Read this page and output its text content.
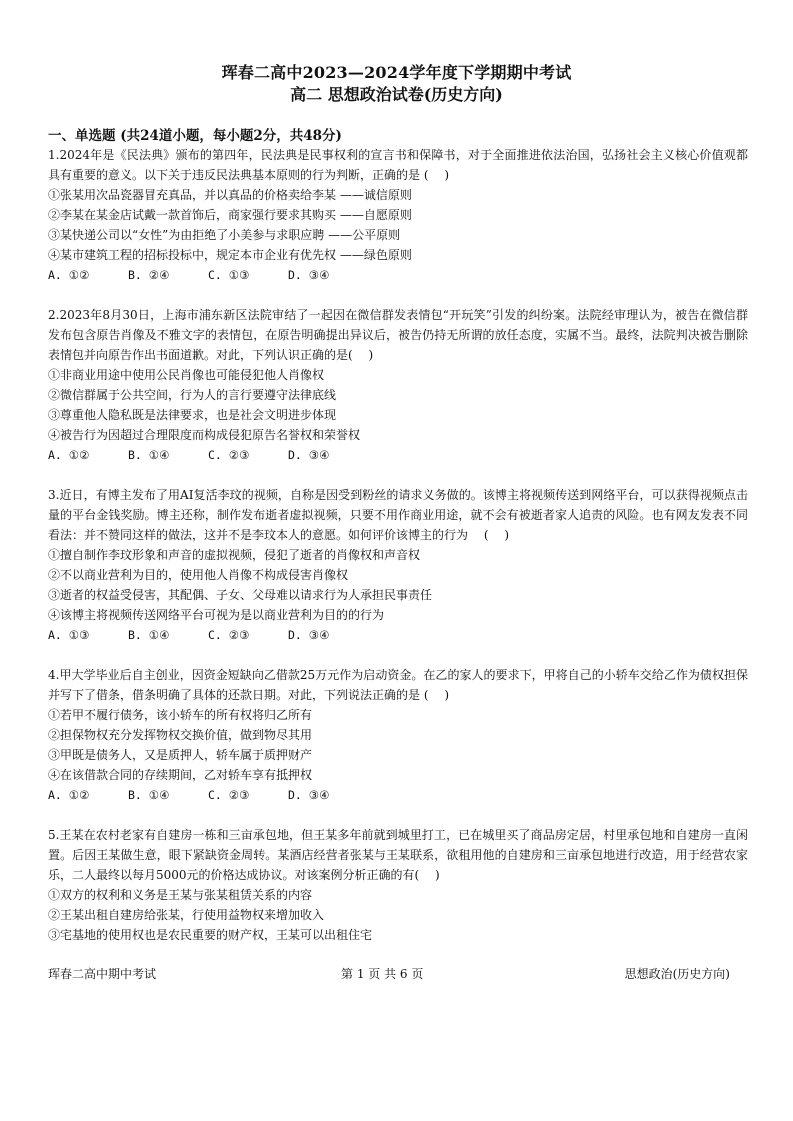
珲春二高中2023—2024学年度下学期期中考试
高二 思想政治试卷(历史方向)
一、单选题 (共24道小题，每小题2分，共48分)

1.2024年是《民法典》颁布的第四年，民法典是民事权利的宣言书和保障书，对于全面推进依法治国，弘扬社会主义核心价值观都具有重要的意义。以下关于违反民法典基本原则的行为判断，正确的是 (　 )

①张某用次品瓷器冒充真品，并以真品的价格卖给李某 ——诚信原则

②李某在某金店试戴一款首饰后，商家强行要求其购买 ——自愿原则

③某快递公司以“女性”为由拒绝了小美参与求职应聘 ——公平原则

④某市建筑工程的招标投标中，规定本市企业有优先权 ——绿色原则

A. ①②	B. ②④	C. ①③	D. ③④

2.2023年8月30日，上海市浦东新区法院审结了一起因在微信群发表情包“开玩笑”引发的纠纷案。法院经审理认为，被告在微信群发布包含原告肖像及不雅文字的表情包，在原告明确提出异议后，被告仍持无所谓的放任态度，实属不当。最终，法院判决被告删除表情包并向原告作出书面道歉。对此，下列认识正确的是(　 )

①非商业用途中使用公民肖像也可能侵犯他人肖像权

②微信群属于公共空间，行为人的言行要遵守法律底线

③尊重他人隐私既是法律要求，也是社会文明进步体现

④被告行为因超过合理限度而构成侵犯原告名誉权和荣誉权

A. ①②	B. ①④	C. ②③	D. ③④

3.近日，有博主发布了用AI复活李玟的视频，自称是因受到粉丝的请求义务做的。该博主将视频传送到网络平台，可以获得视频点击量的平台金钱奖励。博主还称，制作发布逝者虚拟视频，只要不用作商业用途，就不会有被逝者家人追责的风险。也有网友发表不同看法：并不赞同这样的做法，这并不是李玟本人的意愿。如何评价该博主的行为　 (　 )

①擅自制作李玟形象和声音的虚拟视频，侵犯了逝者的肖像权和声音权

②不以商业营利为目的，使用他人肖像不构成侵害肖像权

③逝者的权益受侵害，其配偶、子女、父母难以请求行为人承担民事责任

④该博主将视频传送网络平台可视为是以商业营利为目的的行为

A. ①③	B. ①④	C. ②③	D. ③④

4.甲大学毕业后自主创业，因资金短缺向乙借款25万元作为启动资金。在乙的家人的要求下，甲将自己的小轿车交给乙作为债权担保并写下了借条，借条明确了具体的还款日期。对此，下列说法正确的是 (　 )

①若甲不履行债务，该小轿车的所有权将归乙所有

②担保物权充分发挥物权交换价值，做到物尽其用

③甲既是债务人，又是质押人，轿车属于质押财产

④在该借款合同的存续期间，乙对轿车享有抵押权

A. ①②	B. ①④	C. ②③	D. ③④

5.王某在农村老家有自建房一栋和三亩承包地，但王某多年前就到城里打工，已在城里买了商品房定居，村里承包地和自建房一直闲置。后因王某做生意，眼下紧缺资金周转。某酒店经营者张某与王某联系，欲租用他的自建房和三亩承包地进行改造，用于经营农家乐，二人最终以每月5000元的价格达成协议。对该案例分析正确的有(　 )

①双方的权利和义务是王某与张某租赁关系的内容

②王某出租自建房给张某，行使用益物权来增加收入

③宅基地的使用权也是农民重要的财产权，王某可以出租住宅

珲春二高中期中考试	第 1 页 共 6 页	思想政治(历史方向)
